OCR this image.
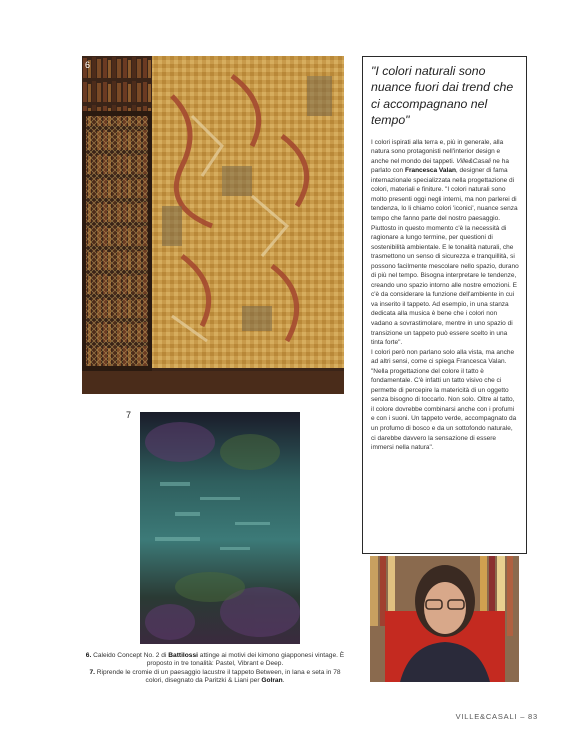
6
7

"I colori naturali sono nuance fuori dai trend che ci accompagnano nel tempo"

I colori ispirati alla terra e, più in generale, alla natura sono protagonisti nell'interior design e anche nel mondo dei tappeti. Ville&Casali ne ha parlato con Francesca Valan, designer di fama internazionale specializzata nella progettazione di colori, materiali e finiture. "I colori naturali sono molto presenti oggi negli interni, ma non parlerei di tendenza, lo li chiamo colori 'iconici', nuance senza tempo che fanno parte del nostro paesaggio. Piuttosto in questo momento c'è la necessità di ragionare a lungo termine, per questioni di sostenibilità ambientale. E le tonalità naturali, che trasmettono un senso di sicurezza e tranquillità, si possono facilmente mescolare nello spazio, durano di più nel tempo. Bisogna interpretare le tendenze, creando uno spazio intorno alle nostre emozioni. E c'è da considerare la funzione dell'ambiente in cui va inserito il tappeto. Ad esempio, in una stanza dedicata alla musica è bene che i colori non vadano a sovrastimolare, mentre in uno spazio di transizione un tappeto può essere scelto in una tinta forte".

I colori però non parlano solo alla vista, ma anche ad altri sensi, come ci spiega Francesca Valan. "Nella progettazione del colore il tatto è fondamentale. C'è infatti un tatto visivo che ci permette di percepire la matericità di un oggetto senza bisogno di toccarlo. Non solo. Oltre al tatto, il colore dovrebbe combinarsi anche con i profumi e con i suoni. Un tappeto verde, accompagnato da un profumo di bosco e da un sottofondo naturale, ci darebbe davvero la sensazione di essere immersi nella natura".

6. Caleido Concept No. 2 di Battilossi attinge ai motivi dei kimono giapponesi vintage. È proposto in tre tonalità: Pastel, Vibrant e Deep.
7. Riprende le cromie di un paesaggio lacustre il tappeto Between, in lana e seta in 78 colori, disegnato da Paritzki & Liani per Golran.
VILLE&CASALI – 83
